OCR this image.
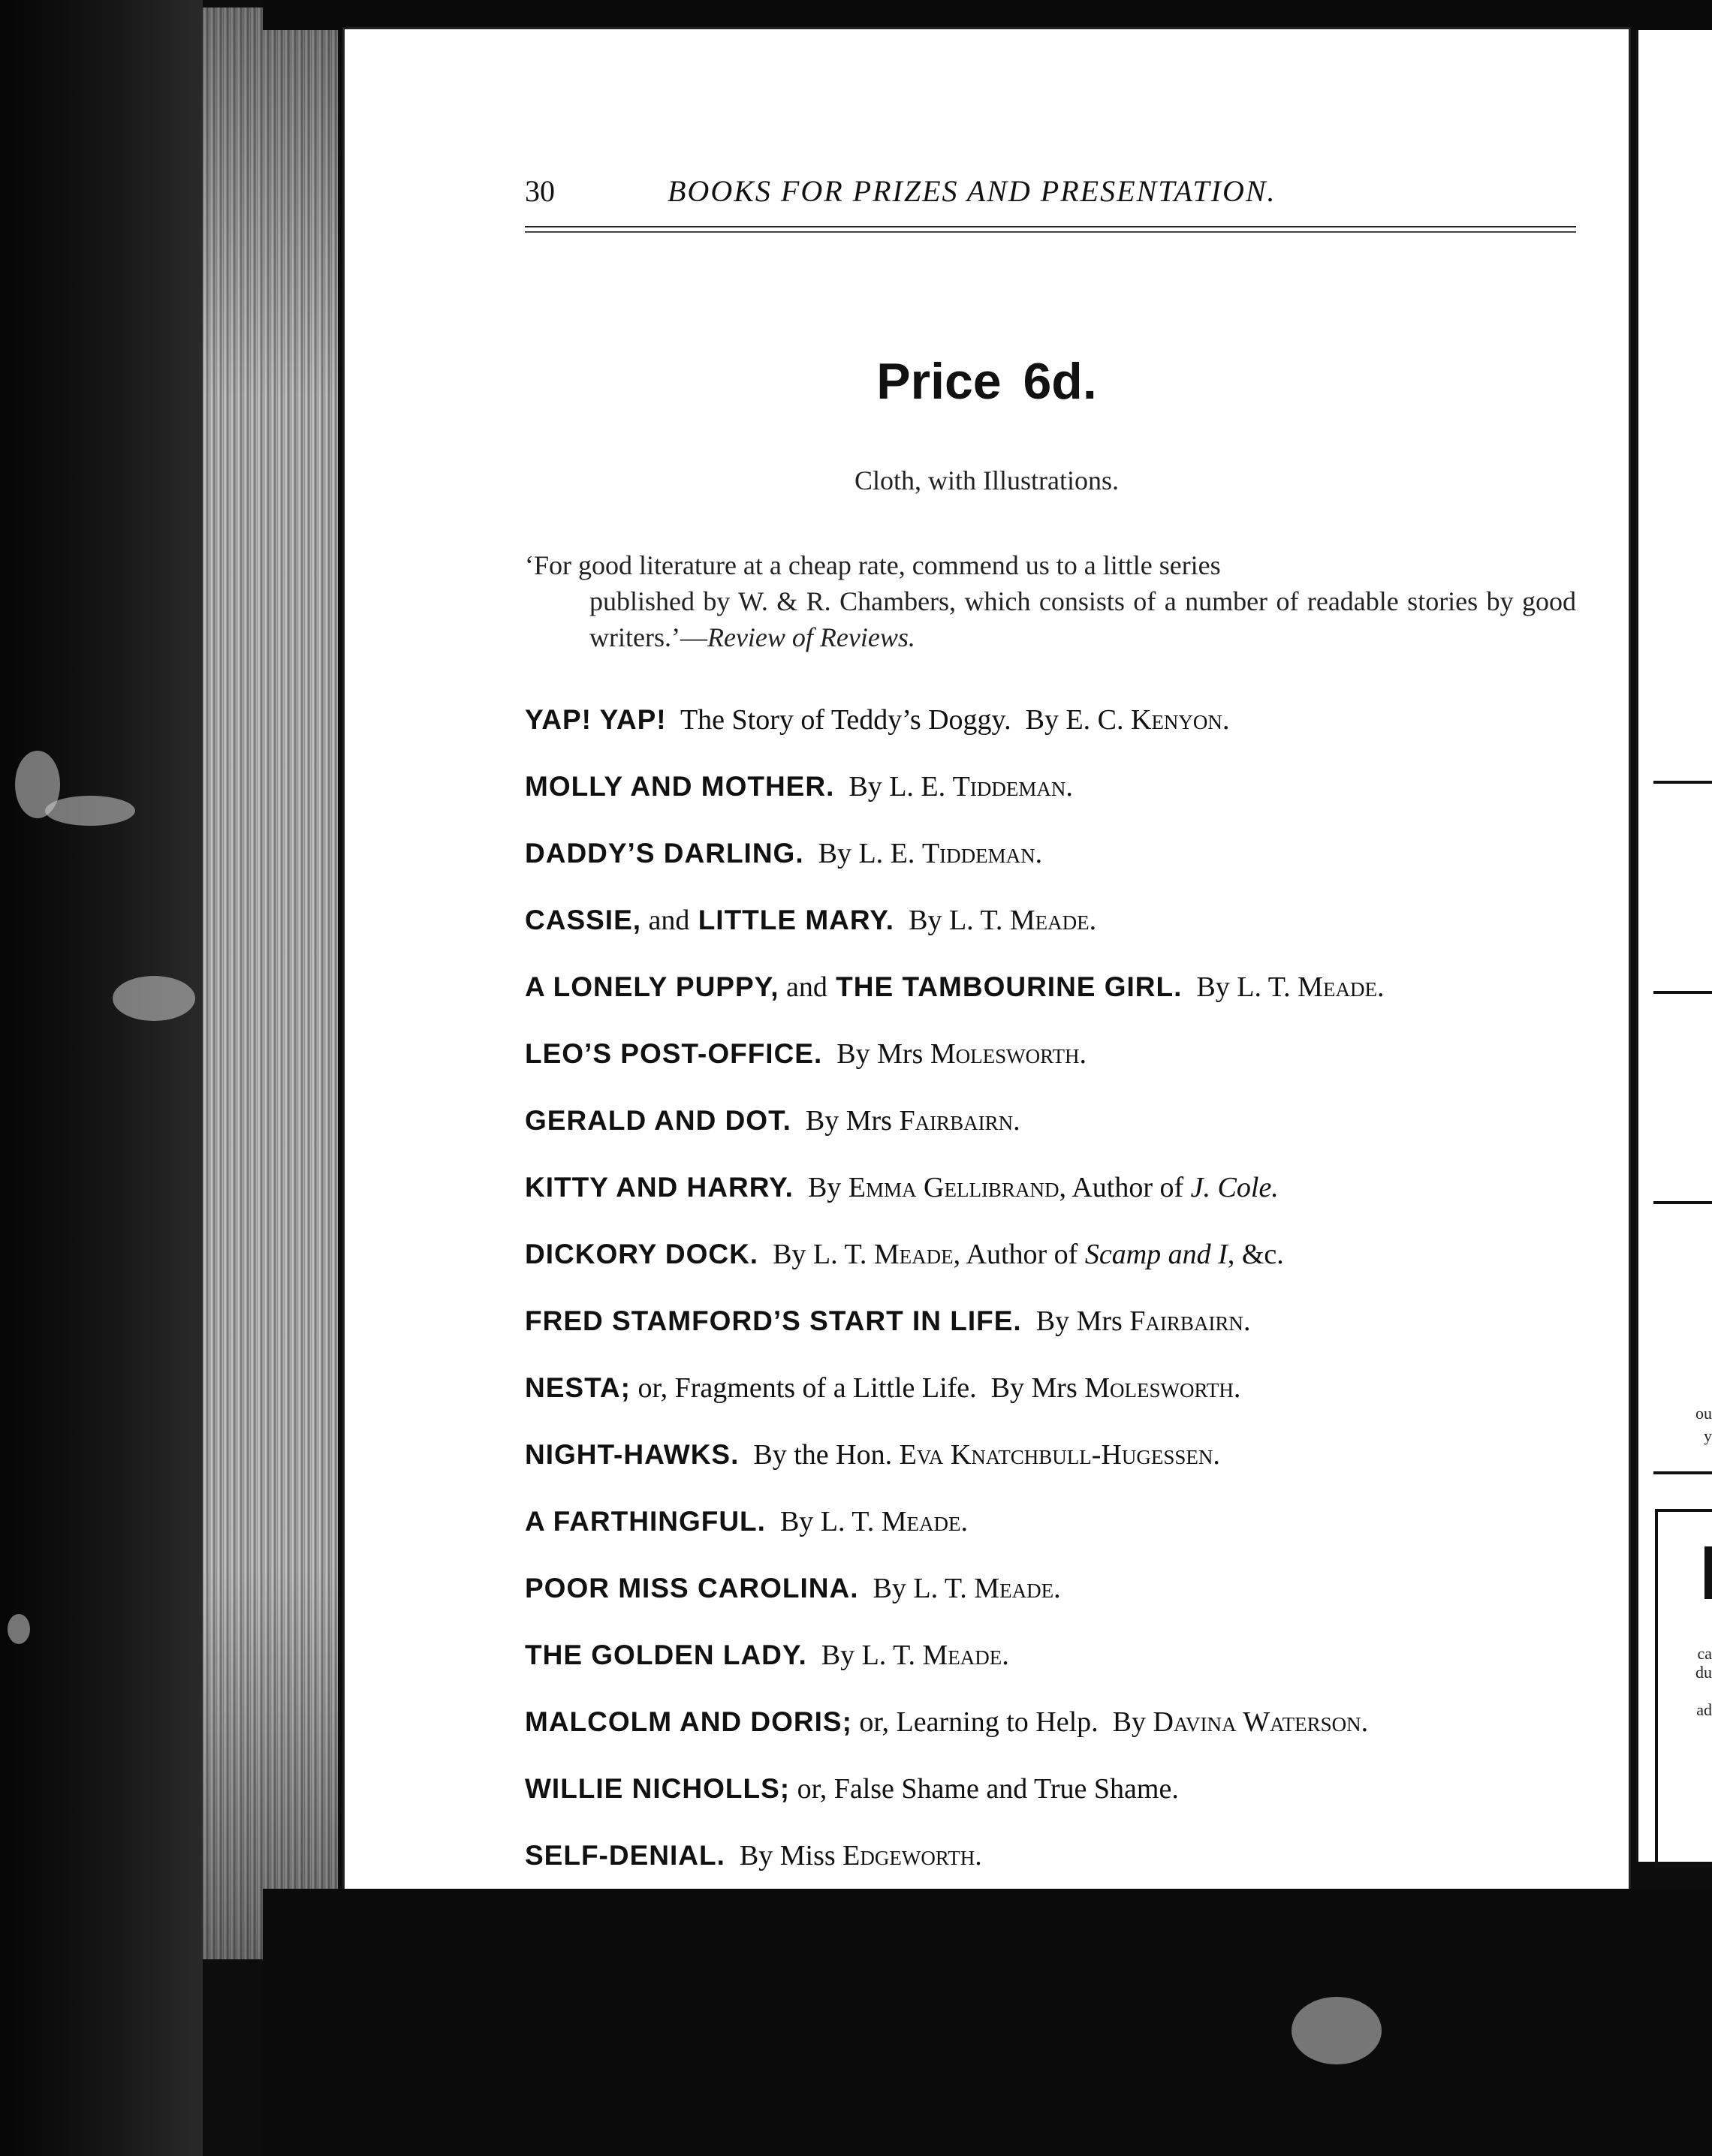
30	BOOKS FOR PRIZES AND PRESENTATION.
Price 6d.
Cloth, with Illustrations.
‘For good literature at a cheap rate, commend us to a little series
published by W. & R. Chambers, which consists of a number of readable stories by good writers.’—Review of Reviews.
YAP! YAP! The Story of Teddy’s Doggy.  By E. C. Kenyon.
MOLLY AND MOTHER. By L. E. Tiddeman.
DADDY’S DARLING. By L. E. Tiddeman.
CASSIE, and LITTLE MARY.  By L. T. Meade.
A LONELY PUPPY, and THE TAMBOURINE GIRL.  By L. T. Meade.
LEO’S POST-OFFICE. By Mrs Molesworth.
GERALD AND DOT. By Mrs Fairbairn.
KITTY AND HARRY. By Emma Gellibrand, Author of J. Cole.
DICKORY DOCK. By L. T. Meade, Author of Scamp and I, &c.
FRED STAMFORD’S START IN LIFE. By Mrs Fairbairn.
NESTA; or, Fragments of a Little Life.  By Mrs Molesworth.
NIGHT-HAWKS. By the Hon. Eva Knatchbull-Hugessen.
A FARTHINGFUL. By L. T. Meade.
POOR MISS CAROLINA. By L. T. Meade.
THE GOLDEN LADY. By L. T. Meade.
MALCOLM AND DORIS; or, Learning to Help.  By Davina Waterson.
WILLIE NICHOLLS; or, False Shame and True Shame.
SELF-DENIAL. By Miss Edgeworth.
ou
y
ca
du
ad
